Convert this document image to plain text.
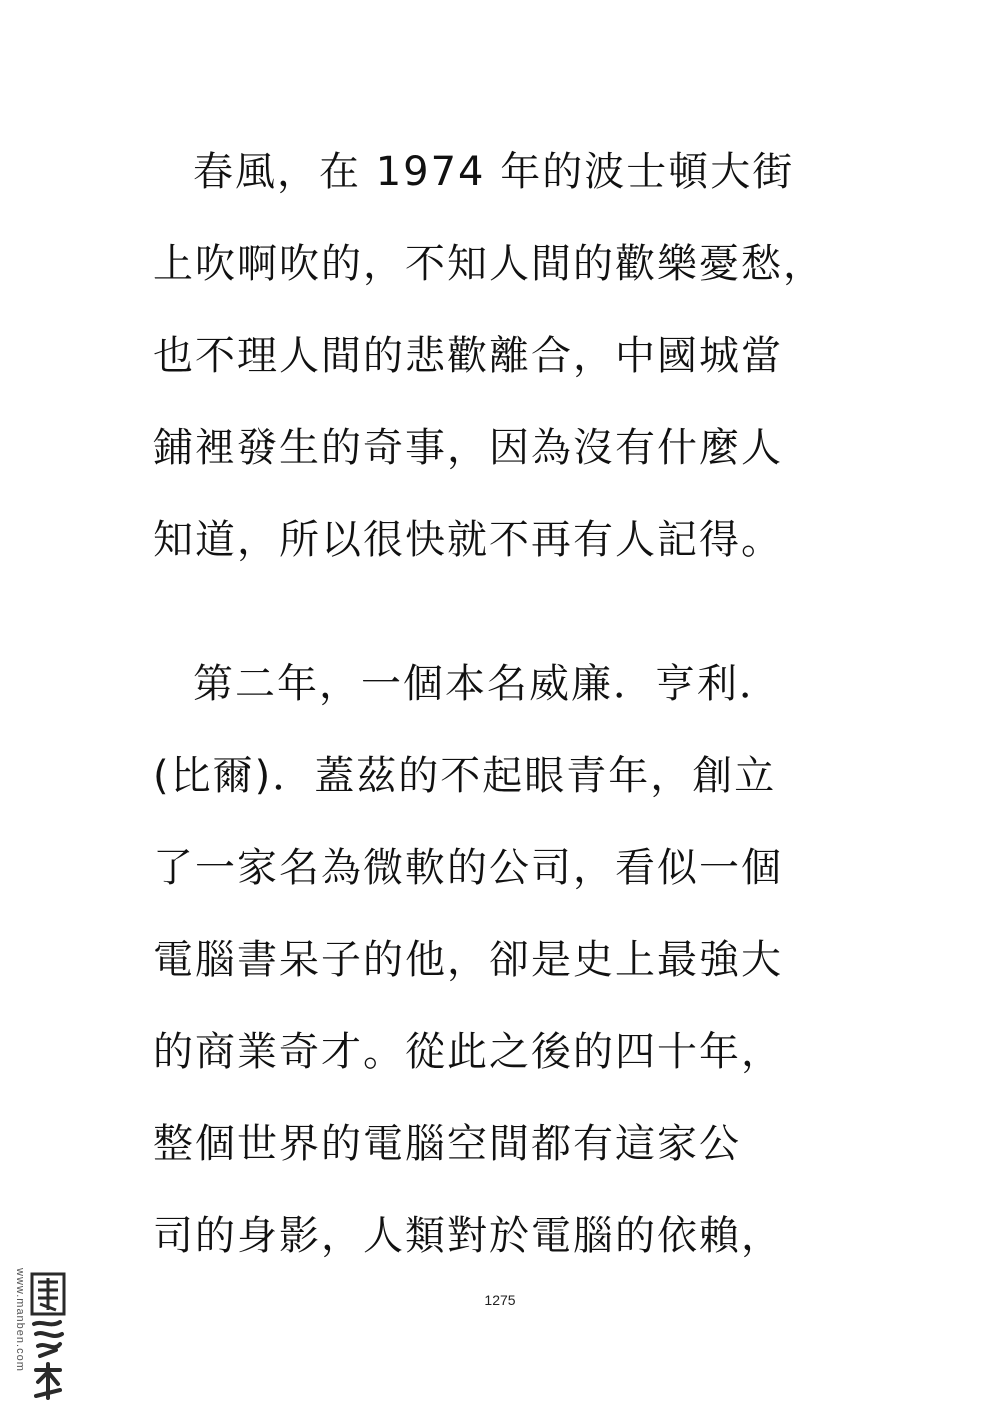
春風，在 1974 年的波士頓大街
上吹啊吹的，不知人間的歡樂憂愁，
也不理人間的悲歡離合，中國城當
鋪裡發生的奇事，因為沒有什麼人
知道，所以很快就不再有人記得。
第二年，一個本名威廉．亨利．
(比爾)．蓋茲的不起眼青年，創立
了一家名為微軟的公司，看似一個
電腦書呆子的他，卻是史上最強大
的商業奇才。從此之後的四十年，
整個世界的電腦空間都有這家公
司的身影，人類對於電腦的依賴，
1275
www.manben.com
